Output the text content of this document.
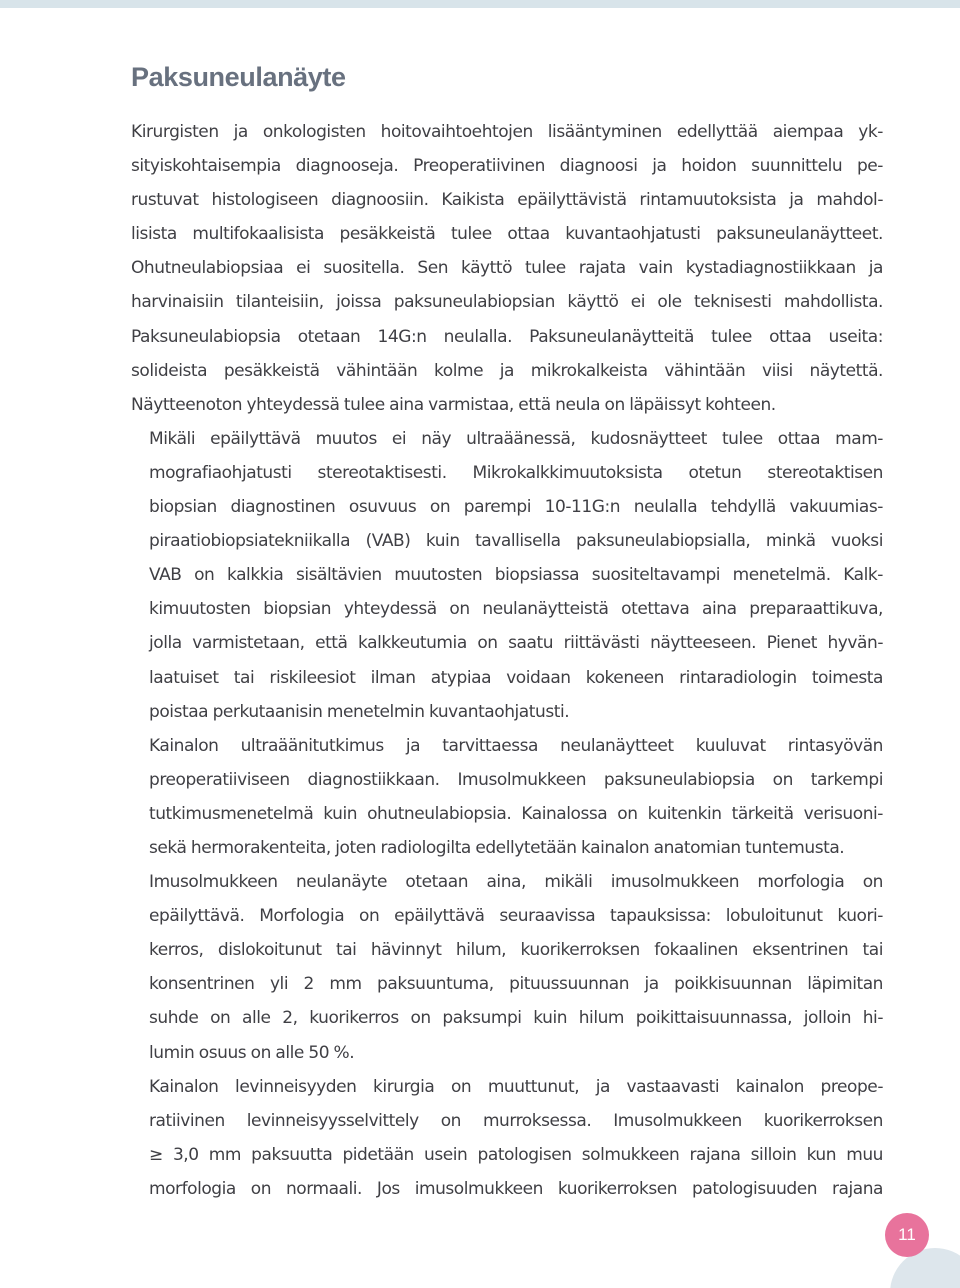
Paksuneulanäyte

Kirurgisten ja onkologisten hoitovaihtoehtojen lisääntyminen edellyttää aiempaa yk-
sityiskohtaisempia diagnooseja. Preoperatiivinen diagnoosi ja hoidon suunnittelu pe-
rustuvat histologiseen diagnoosiin. Kaikista epäilyttävistä rintamuutoksista ja mahdol-
lisista multifokaalisista pesäkkeistä tulee ottaa kuvantaohjatusti paksuneulanäytteet.
Ohutneulabiopsiaa ei suositella. Sen käyttö tulee rajata vain kystadiagnostiikkaan ja
harvinaisiin tilanteisiin, joissa paksuneulabiopsian käyttö ei ole teknisesti mahdollista.
Paksuneulabiopsia otetaan 14G:n neulalla. Paksuneulanäytteitä tulee ottaa useita:
solideista pesäkkeistä vähintään kolme ja mikrokalkeista vähintään viisi näytettä.
Näytteenoton yhteydessä tulee aina varmistaa, että neula on läpäissyt kohteen.

Mikäli epäilyttävä muutos ei näy ultraäänessä, kudosnäytteet tulee ottaa mam-
mografiaohjatusti stereotaktisesti. Mikrokalkkimuutoksista otetun stereotaktisen
biopsian diagnostinen osuvuus on parempi 10-11G:n neulalla tehdyllä vakuumias-
piraatiobiopsiatekniikalla (VAB) kuin tavallisella paksuneulabiopsialla, minkä vuoksi
VAB on kalkkia sisältävien muutosten biopsiassa suositeltavampi menetelmä. Kalk-
kimuutosten biopsian yhteydessä on neulanäytteistä otettava aina preparaattikuva,
jolla varmistetaan, että kalkkeutumia on saatu riittävästi näytteeseen. Pienet hyvän-
laatuiset tai riskileesiot ilman atypiaa voidaan kokeneen rintaradiologin toimesta
poistaa perkutaanisin menetelmin kuvantaohjatusti.

Kainalon ultraäänitutkimus ja tarvittaessa neulanäytteet kuuluvat rintasyövän
preoperatiiviseen diagnostiikkaan. Imusolmukkeen paksuneulabiopsia on tarkempi
tutkimusmenetelmä kuin ohutneulabiopsia. Kainalossa on kuitenkin tärkeitä verisuoni-
sekä hermorakenteita, joten radiologilta edellytetään kainalon anatomian tuntemusta.

Imusolmukkeen neulanäyte otetaan aina, mikäli imusolmukkeen morfologia on
epäilyttävä. Morfologia on epäilyttävä seuraavissa tapauksissa: lobuloitunut kuori-
kerros, dislokoitunut tai hävinnyt hilum, kuorikerroksen fokaalinen eksentrinen tai
konsentrinen yli 2 mm paksuuntuma, pituussuunnan ja poikkisuunnan läpimitan
suhde on alle 2, kuorikerros on paksumpi kuin hilum poikittaisuunnassa, jolloin hi-
lumin osuus on alle 50 %.

Kainalon levinneisyyden kirurgia on muuttunut, ja vastaavasti kainalon preope-
ratiivinen levinneisyysselvittely on murroksessa. Imusolmukkeen kuorikerroksen
≥ 3,0 mm paksuutta pidetään usein patologisen solmukkeen rajana silloin kun muu
morfologia on normaali. Jos imusolmukkeen kuorikerroksen patologisuuden rajana

11
